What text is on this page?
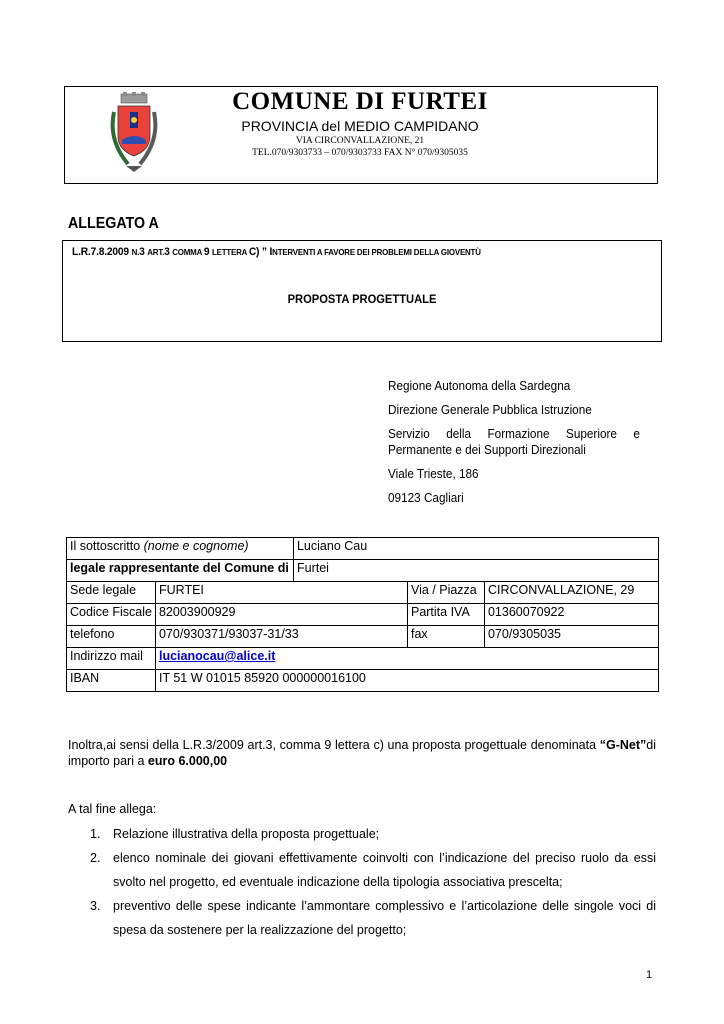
COMUNE DI FURTEI
PROVINCIA del MEDIO CAMPIDANO
VIA CIRCONVALLAZIONE, 21
TEL.070/9303733 – 070/9303733 FAX N° 070/9305035
ALLEGATO A
L.R.7.8.2009 N.3 ART.3 COMMA 9 LETTERA C) ” INTERVENTI A FAVORE DEI PROBLEMI DELLA GIOVENTÙ
PROPOSTA PROGETTUALE
Regione Autonoma della Sardegna
Direzione Generale Pubblica Istruzione
Servizio della Formazione Superiore e Permanente e dei Supporti Direzionali
Viale Trieste, 186
09123 Cagliari
Il sottoscritto (nome e cognome)		Luciano Cau		
legale rappresentante del Comune di		Furtei		
Sede legale	FURTEI		Via / Piazza	CIRCONVALLAZIONE, 29
Codice Fiscale	82003900929		Partita IVA	01360070922
telefono	070/930371/93037-31/33		fax	070/9305035
Indirizzo mail	lucianocau@alice.it			
IBAN	IT 51 W 01015 85920 000000016100			
Inoltra,ai sensi della L.R.3/2009 art.3, comma 9 lettera c) una proposta progettuale denominata “G-Net”di importo pari a euro 6.000,00
A tal fine allega:
1. Relazione illustrativa della proposta progettuale;
2. elenco nominale dei giovani effettivamente coinvolti con l’indicazione del preciso ruolo da essi svolto nel progetto, ed eventuale indicazione della tipologia associativa prescelta;
3. preventivo delle spese indicante l’ammontare complessivo e l’articolazione delle singole voci di spesa da sostenere per la realizzazione del progetto;
1
